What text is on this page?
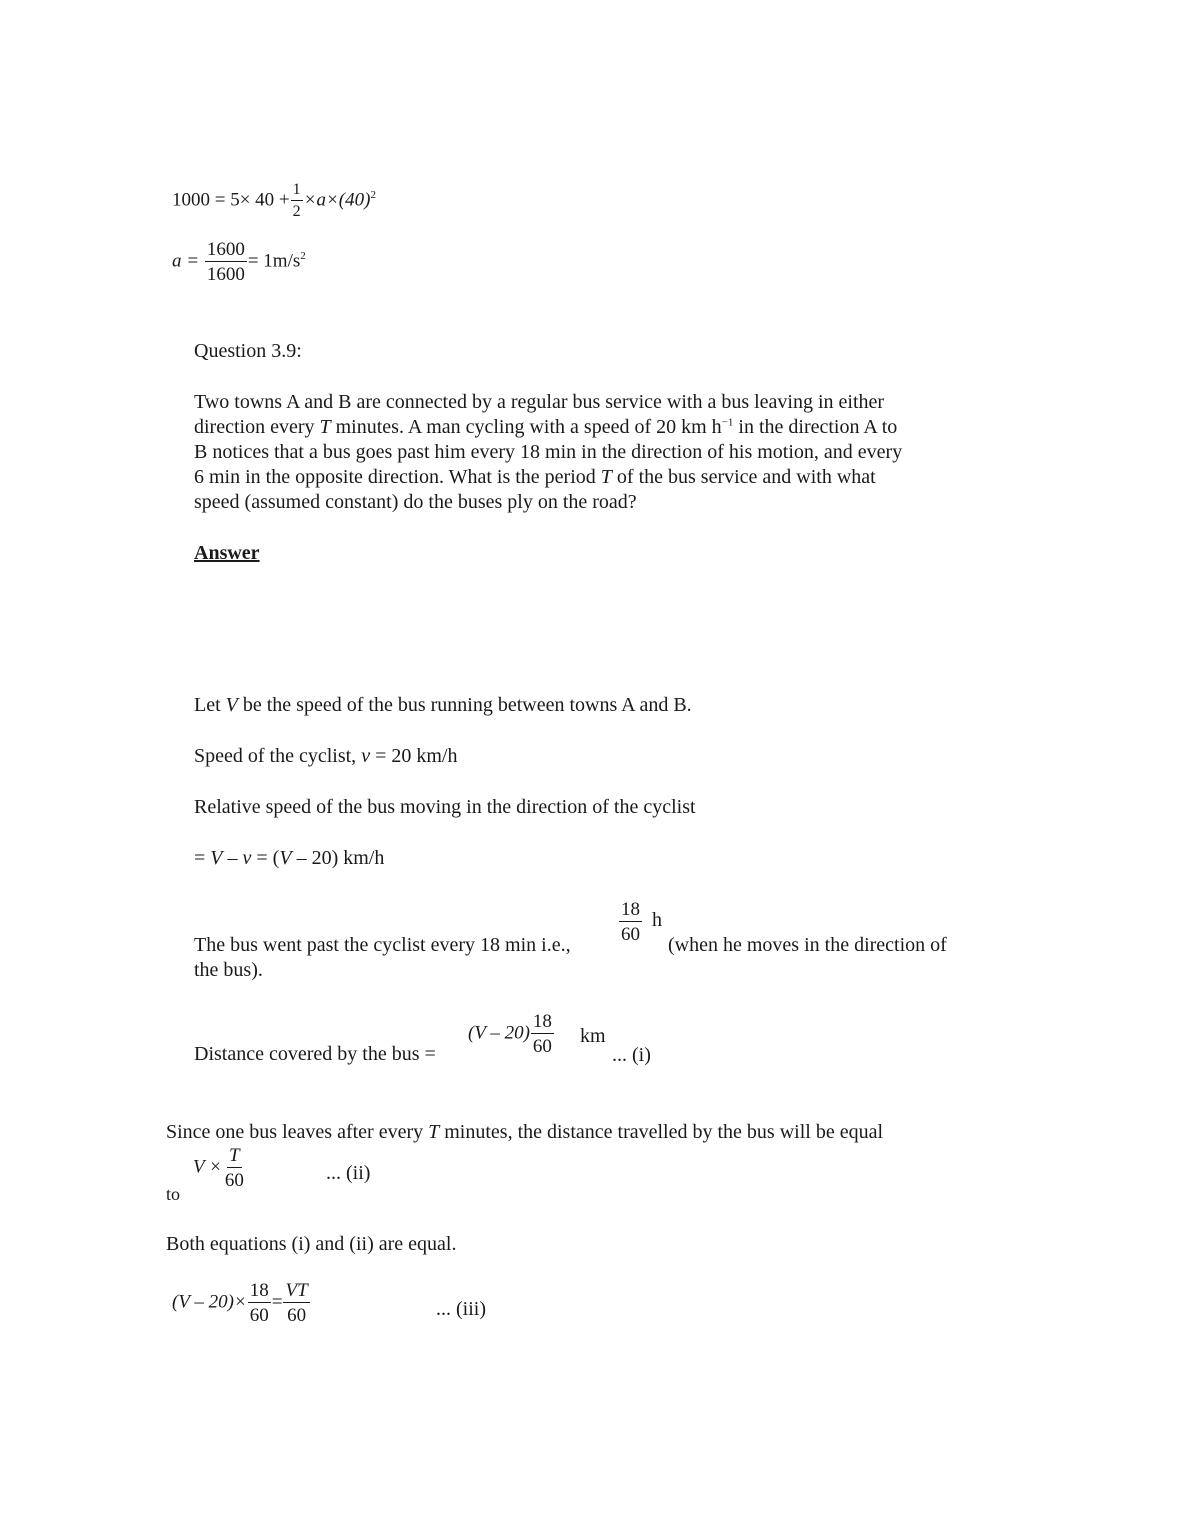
$1000 = 5\times 40 + \frac{1}{2} \times a\times(40)^2$
$a = \frac{1600}{1600} = 1m/s^2$
Question 3.9:
Two towns A and B are connected by a regular bus service with a bus leaving in either
direction every T minutes. A man cycling with a speed of 20 km $h^{-1}$ in the direction A to
B notices that a bus goes past him every 18 min in the direction of his motion, and every
6 min in the opposite direction. What is the period T of the bus service and with what
speed (assumed constant) do the buses ply on the road?
Answer
Let V be the speed of the bus running between towns A and B.
Speed of the cyclist, v = 20 km/h
Relative speed of the bus moving in the direction of the cyclist
= V – v = (V – 20) km/h
The bus went past the cyclist every 18 min i.e.,
$\frac{18}{60}$ h
(when he moves in the direction of
the bus).
Distance covered by the bus =
$(V - 20) \frac{18}{60}$ km
... (i)
Since one bus leaves after every T minutes, the distance travelled by the bus will be equal
to
$V \times \frac{T}{60}$	... (ii)
Both equations (i) and (ii) are equal.
$(V - 20)\times \frac{18}{60} = \frac{VT}{60}$	... (iii)
